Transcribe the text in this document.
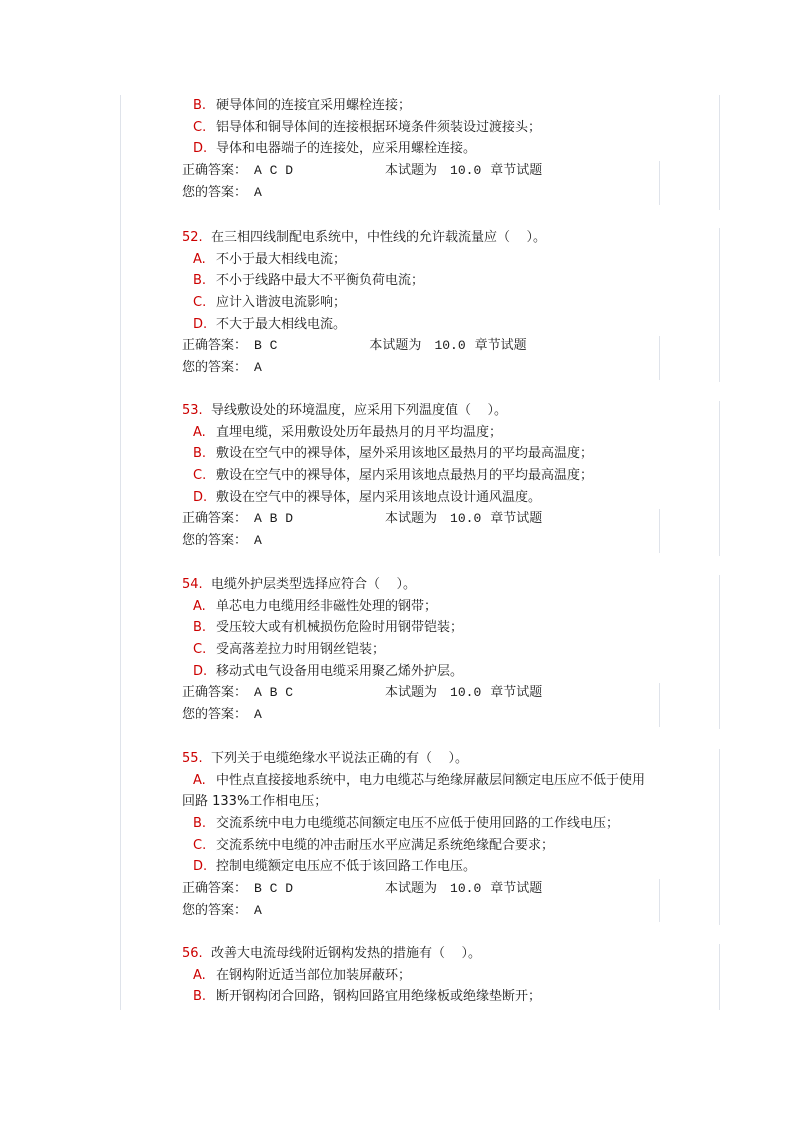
B. 硬导体间的连接宜采用螺栓连接；
C. 铝导体和铜导体间的连接根据环境条件须装设过渡接头；
D. 导体和电器端子的连接处，应采用螺栓连接。
正确答案： A C D	本试题为 10.0 章节试题
您的答案： A
52. 在三相四线制配电系统中，中性线的允许载流量应（    ）。
A. 不小于最大相线电流；
B. 不小于线路中最大不平衡负荷电流；
C. 应计入谐波电流影响；
D. 不大于最大相线电流。
正确答案： B C	本试题为 10.0 章节试题
您的答案： A
53. 导线敷设处的环境温度，应采用下列温度值（    ）。
A. 直埋电缆，采用敷设处历年最热月的月平均温度；
B. 敷设在空气中的裸导体，屋外采用该地区最热月的平均最高温度；
C. 敷设在空气中的裸导体，屋内采用该地点最热月的平均最高温度；
D. 敷设在空气中的裸导体，屋内采用该地点设计通风温度。
正确答案： A B D	本试题为 10.0 章节试题
您的答案： A
54. 电缆外护层类型选择应符合（    ）。
A. 单芯电力电缆用经非磁性处理的钢带；
B. 受压较大或有机械损伤危险时用钢带铠装；
C. 受高落差拉力时用钢丝铠装；
D. 移动式电气设备用电缆采用聚乙烯外护层。
正确答案： A B C	本试题为 10.0 章节试题
您的答案： A
55. 下列关于电缆绝缘水平说法正确的有（    ）。
A. 中性点直接接地系统中，电力电缆芯与绝缘屏蔽层间额定电压应不低于使用
回路 133%工作相电压；
B. 交流系统中电力电缆缆芯间额定电压不应低于使用回路的工作线电压；
C. 交流系统中电缆的冲击耐压水平应满足系统绝缘配合要求；
D. 控制电缆额定电压应不低于该回路工作电压。
正确答案： B C D	本试题为 10.0 章节试题
您的答案： A
56. 改善大电流母线附近钢构发热的措施有（    ）。
A. 在钢构附近适当部位加装屏蔽环；
B. 断开钢构闭合回路，钢构回路宜用绝缘板或绝缘垫断开；
